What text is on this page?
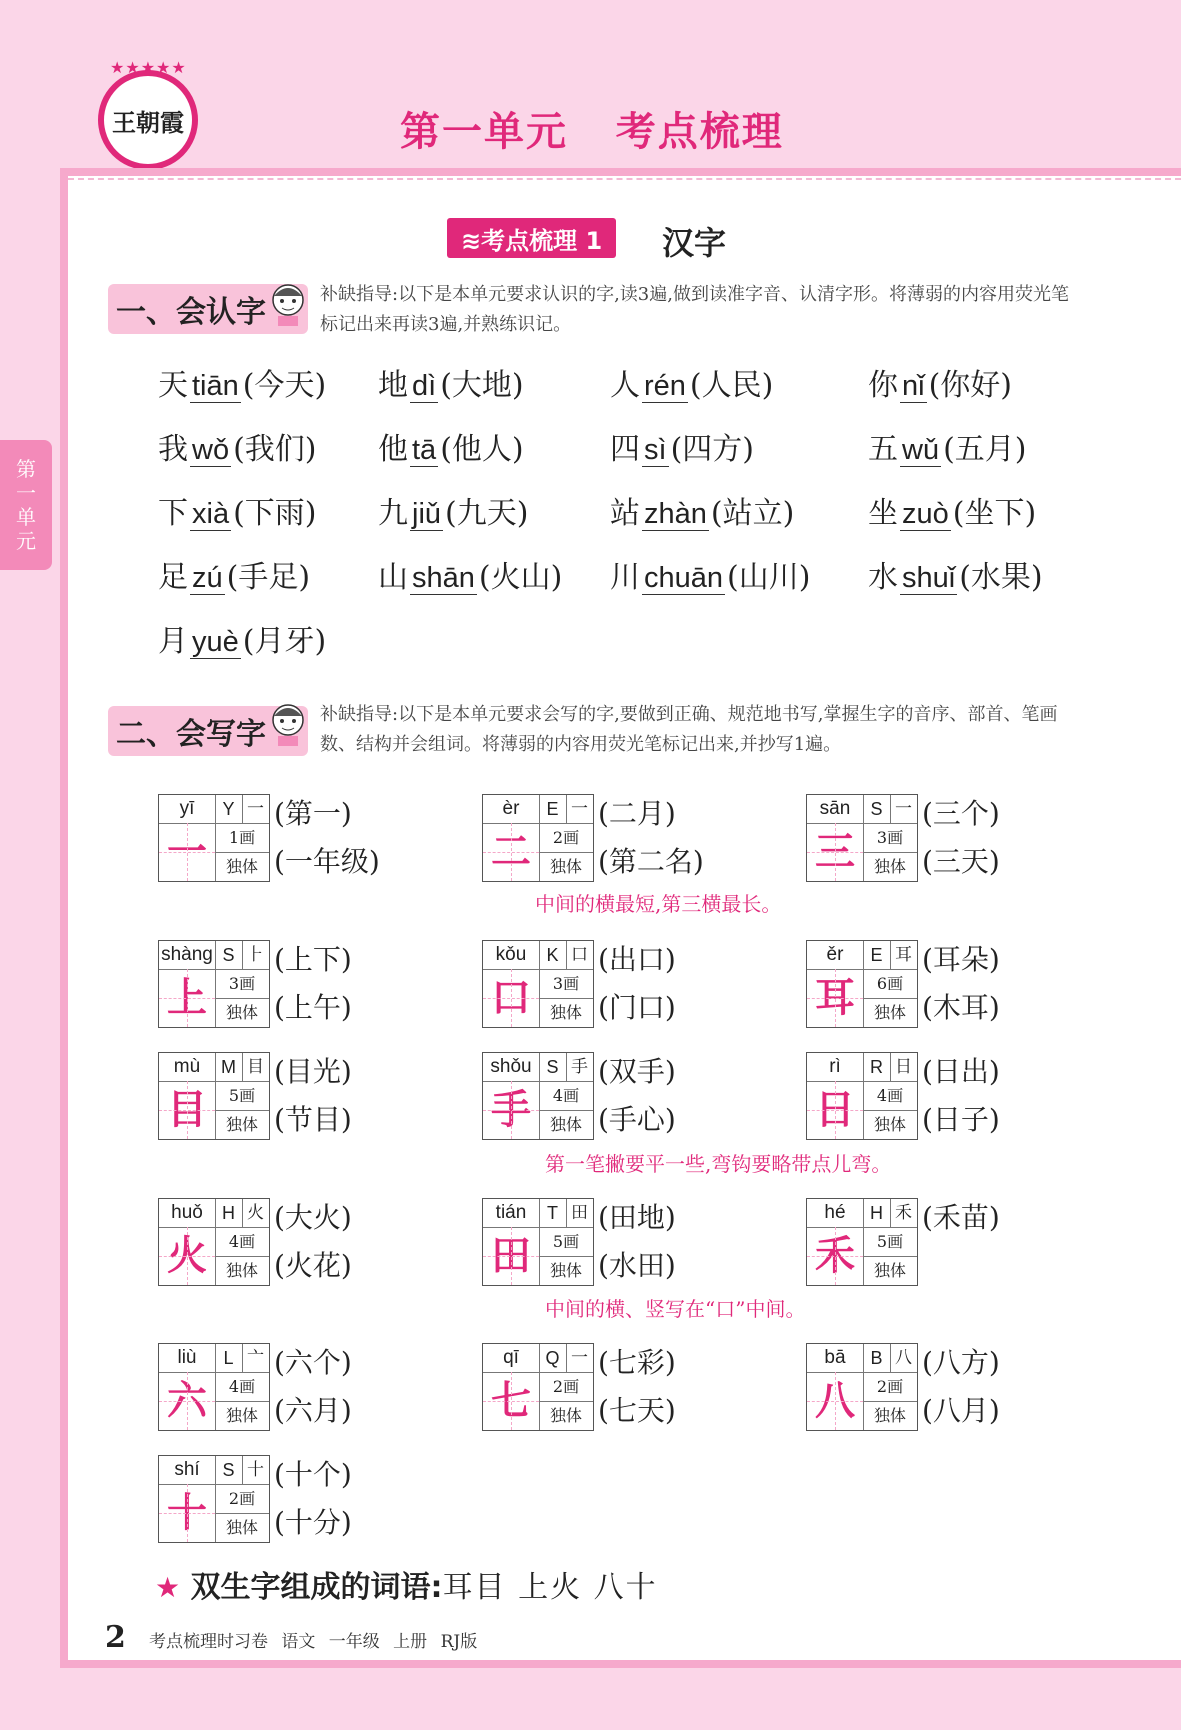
★★★★★
王朝霞	第一单元   考点梳理
第
一
单
元
≋考点梳理 1	汉字
一、会认字
补缺指导:以下是本单元要求认识的字,读3遍,做到读准字音、认清字形。将薄弱的内容用荧光笔标记出来再读3遍,并熟练识记。
天 tiān (今天) 地 dì (大地)	人 rén (人民)	你 nǐ (你好)
我 wǒ (我们) 他 tā (他人)	四 sì (四方)	五 wǔ (五月)
下 xià (下雨) 九 jiǔ (九天)	站 zhàn (站立) 坐 zuò (坐下)
足 zú (手足) 山 shān (火山) 川 chuān (山川) 水 shuǐ (水果)
月 yuè (月牙)
二、会写字
补缺指导:以下是本单元要求会写的字,要做到正确、规范地书写,掌握生字的音序、部首、笔画数、结构并会组词。将薄弱的内容用荧光笔标记出来,并抄写1遍。
yī	Y 一
一	1画
独体
(第一)
(一年级)
èr	E 一
二	2画
独体
(二月)
(第二名)
sān	S 一
三	3画
独体
(三个)
(三天)
shàng S ⺊
上	3画
独体
(上下)
(上午)
kǒu	K 口
口	3画
独体
(出口)
(门口)
ěr	E 耳
耳	6画
独体
(耳朵)
(木耳)
mù	M 目
目	5画
独体
(目光)
(节目)
shǒu S 手
手	4画
独体
(双手)
(手心)
rì	R 日
日	4画
独体
(日出)
(日子)
huǒ	H 火
火	4画
独体
(大火)
(火花)
tián	T 田
田	5画
独体
(田地)
(水田)
hé	H 禾
禾	5画
独体
(禾苗)
liù	L 亠
六	4画
独体
(六个)
(六月)
qī	Q 一
七	2画
独体
(七彩)
(七天)
bā	B 八
八	2画
独体
(八方)
(八月)
shí	S 十
十	2画
独体
(十个)
(十分)
中间的横最短,第三横最长。
第一笔撇要平一些,弯钩要略带点儿弯。
中间的横、竖写在“口”中间。
★ 双生字组成的词语:耳目 上火 八十
2 考点梳理时习卷 语文 一年级 上册 RJ版
